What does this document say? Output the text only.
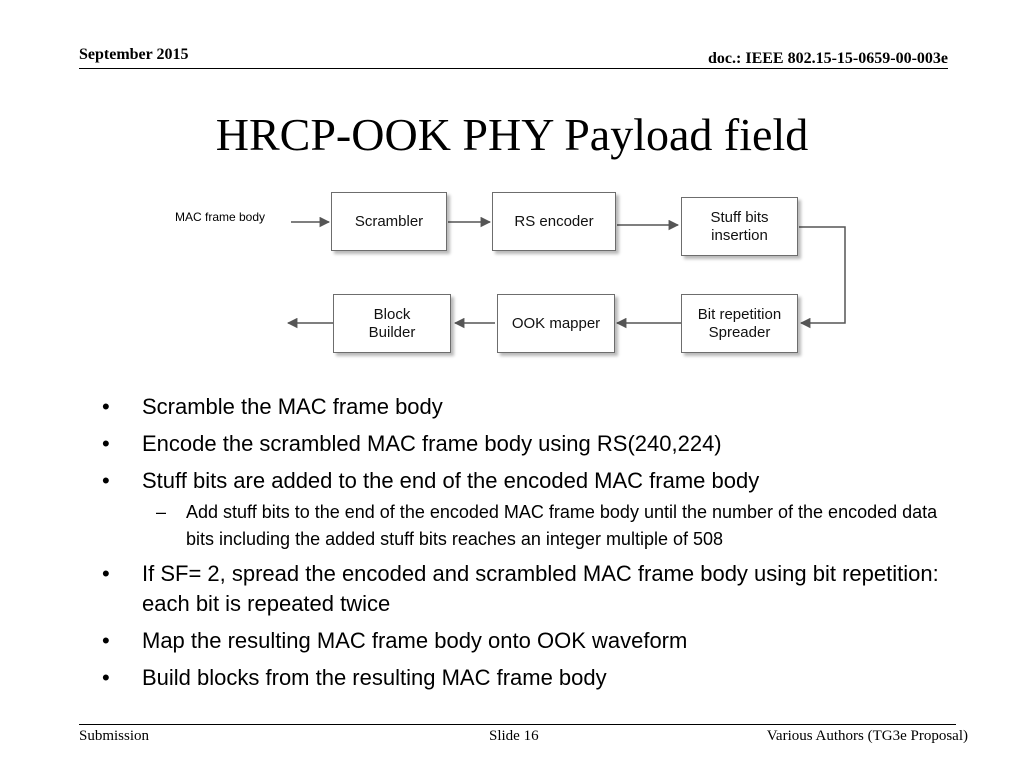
September 2015	doc.: IEEE 802.15-15-0659-00-003e
HRCP-OOK PHY Payload field
MAC frame body	Scrambler	RS encoder	Stuff bits
insertion
Bit repetition
Spreader
OOK mapper
Block
Builder
• Scramble the MAC frame body
• Encode the scrambled MAC frame body using RS(240,224)
• Stuff bits are added to the end of the encoded MAC frame body
– Add stuff bits to the end of the encoded MAC frame body until the number of the encoded data bits including the added stuff bits reaches an integer multiple of 508
• If SF= 2, spread the encoded and scrambled MAC frame body using bit repetition: each bit is repeated twice
• Map the resulting MAC frame body onto OOK waveform
• Build blocks from the resulting MAC frame body
Submission	Slide 16	Various Authors (TG3e Proposal)
